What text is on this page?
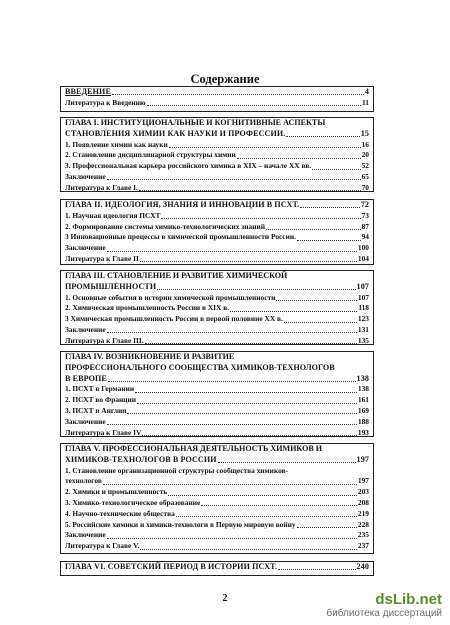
Содержание
ВВЕДЕНИЕ	4
Литература к Введению	11
ГЛАВА I. ИНСТИТУЦИОНАЛЬНЫЕ И КОГНИТИВНЫЕ АСПЕКТЫ
СТАНОВЛЕНИЯ ХИМИИ КАК НАУКИ И ПРОФЕССИИ.	15
1. Появление химии как науки	16
2. Становление дисциплинарной структуры химии	20
3. Профессиональная карьера российского химика в XIX – начале XX вв.	52
Заключение	65
Литература к Главе I.	70
ГЛАВА II. ИДЕОЛОГИЯ, ЗНАНИЯ И ИННОВАЦИИ В ПСХТ.	72
1. Научная идеология ПСХТ	73
2. Формирование системы химико-технологических знаний	87
3 Инновационные процессы в химической промышленности России.	94
Заключение	100
Литература к Главе II	104
ГЛАВА III. СТАНОВЛЕНИЕ И РАЗВИТИЕ ХИМИЧЕСКОЙ
ПРОМЫШЛЕННОСТИ	107
1. Основные события в истории химической промышленности	107
2. Химическая промышленность России в XIX в.	118
3 Химическая промышленность России в первой половине XX в.	123
Заключение	131
Литература к Главе III.	135
ГЛАВА IV. ВОЗНИКНОВЕНИЕ И РАЗВИТИЕ
ПРОФЕССИОНАЛЬНОГО СООБЩЕСТВА ХИМИКОВ-ТЕХНОЛОГОВ
В ЕВРОПЕ	138
1. ПСХТ в Германии	138
2. ПСХТ во Франции	161
3. ПСХТ в Англии	169
Заключение	188
Литература к Главе IV	193
ГЛАВА V. ПРОФЕССИОНАЛЬНАЯ ДЕЯТЕЛЬНОСТЬ ХИМИКОВ И
ХИМИКОВ-ТЕХНОЛОГОВ В РОССИИ	197
1. Становление организационной структуры сообщества химиков-
технологов	197
2. Химики и промышленность	203
3. Химико-технологическое образование	208
4. Научно-технические общества	219
5. Российские химики и химики-технологи в Первую мировую войну	228
Заключение	235
Литература к Главе V.	237
ГЛАВА VI. СОВЕТСКИЙ ПЕРИОД В ИСТОРИИ ПСХТ.	240
2	dsLib.net
библиотека диссертаций
